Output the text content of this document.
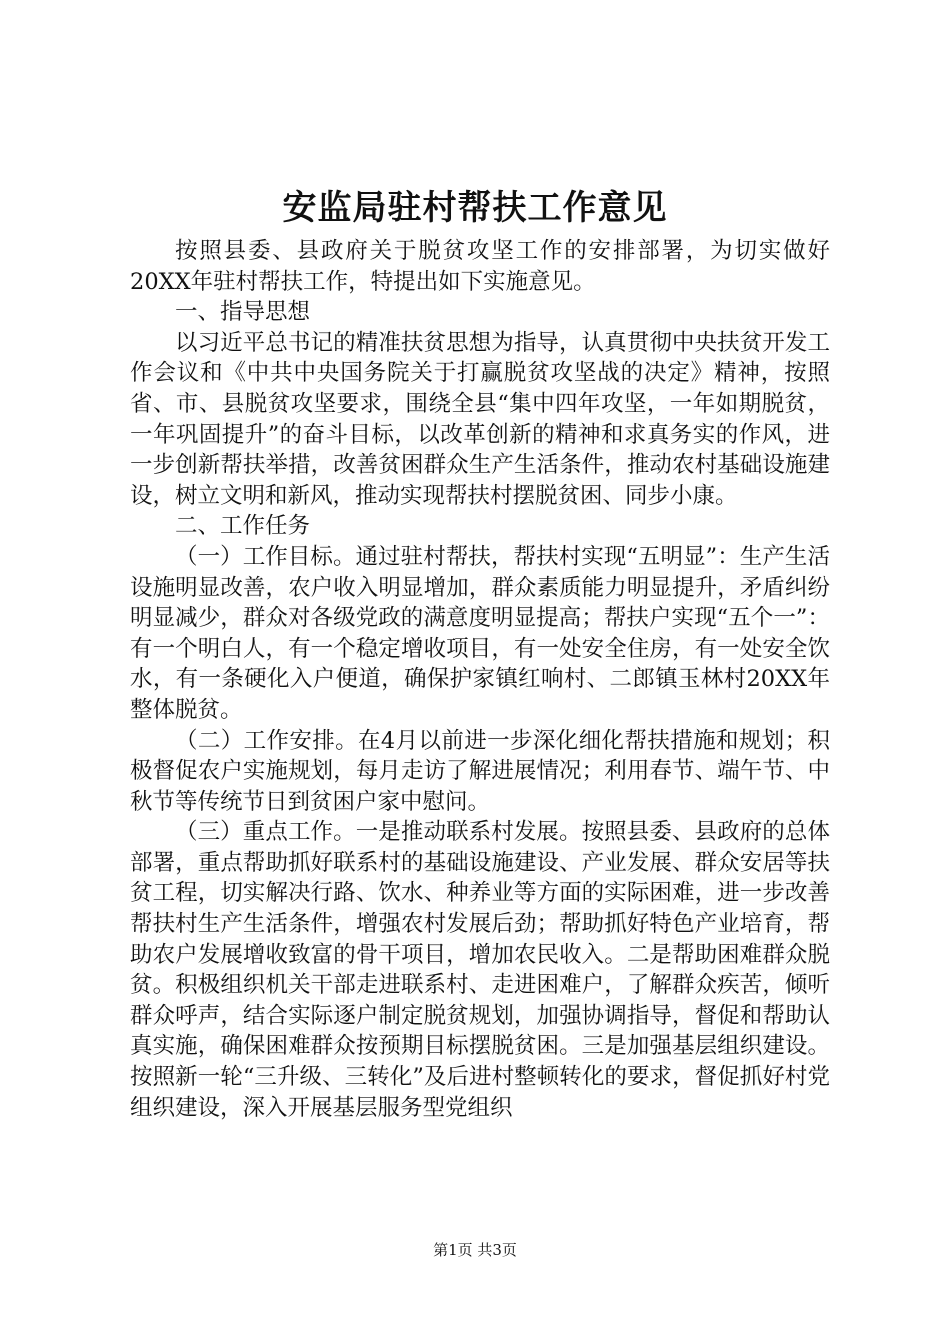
安监局驻村帮扶工作意见

按照县委、县政府关于脱贫攻坚工作的安排部署，为切实做好20XX年驻村帮扶工作，特提出如下实施意见。

一、指导思想

以习近平总书记的精准扶贫思想为指导，认真贯彻中央扶贫开发工作会议和《中共中央国务院关于打赢脱贫攻坚战的决定》精神，按照省、市、县脱贫攻坚要求，围绕全县“集中四年攻坚，一年如期脱贫，一年巩固提升”的奋斗目标，以改革创新的精神和求真务实的作风，进一步创新帮扶举措，改善贫困群众生产生活条件，推动农村基础设施建设，树立文明和新风，推动实现帮扶村摆脱贫困、同步小康。

二、工作任务

（一）工作目标。通过驻村帮扶，帮扶村实现“五明显”：生产生活设施明显改善，农户收入明显增加，群众素质能力明显提升，矛盾纠纷明显减少，群众对各级党政的满意度明显提高；帮扶户实现“五个一”：有一个明白人，有一个稳定增收项目，有一处安全住房，有一处安全饮水，有一条硬化入户便道，确保护家镇红响村、二郎镇玉林村20XX年整体脱贫。

（二）工作安排。在4月以前进一步深化细化帮扶措施和规划；积极督促农户实施规划，每月走访了解进展情况；利用春节、端午节、中秋节等传统节日到贫困户家中慰问。

（三）重点工作。一是推动联系村发展。按照县委、县政府的总体部署，重点帮助抓好联系村的基础设施建设、产业发展、群众安居等扶贫工程，切实解决行路、饮水、种养业等方面的实际困难，进一步改善帮扶村生产生活条件，增强农村发展后劲；帮助抓好特色产业培育，帮助农户发展增收致富的骨干项目，增加农民收入。二是帮助困难群众脱贫。积极组织机关干部走进联系村、走进困难户，了解群众疾苦，倾听群众呼声，结合实际逐户制定脱贫规划，加强协调指导，督促和帮助认真实施，确保困难群众按预期目标摆脱贫困。三是加强基层组织建设。按照新一轮“三升级、三转化”及后进村整顿转化的要求，督促抓好村党组织建设，深入开展基层服务型党组织

第1页 共3页
